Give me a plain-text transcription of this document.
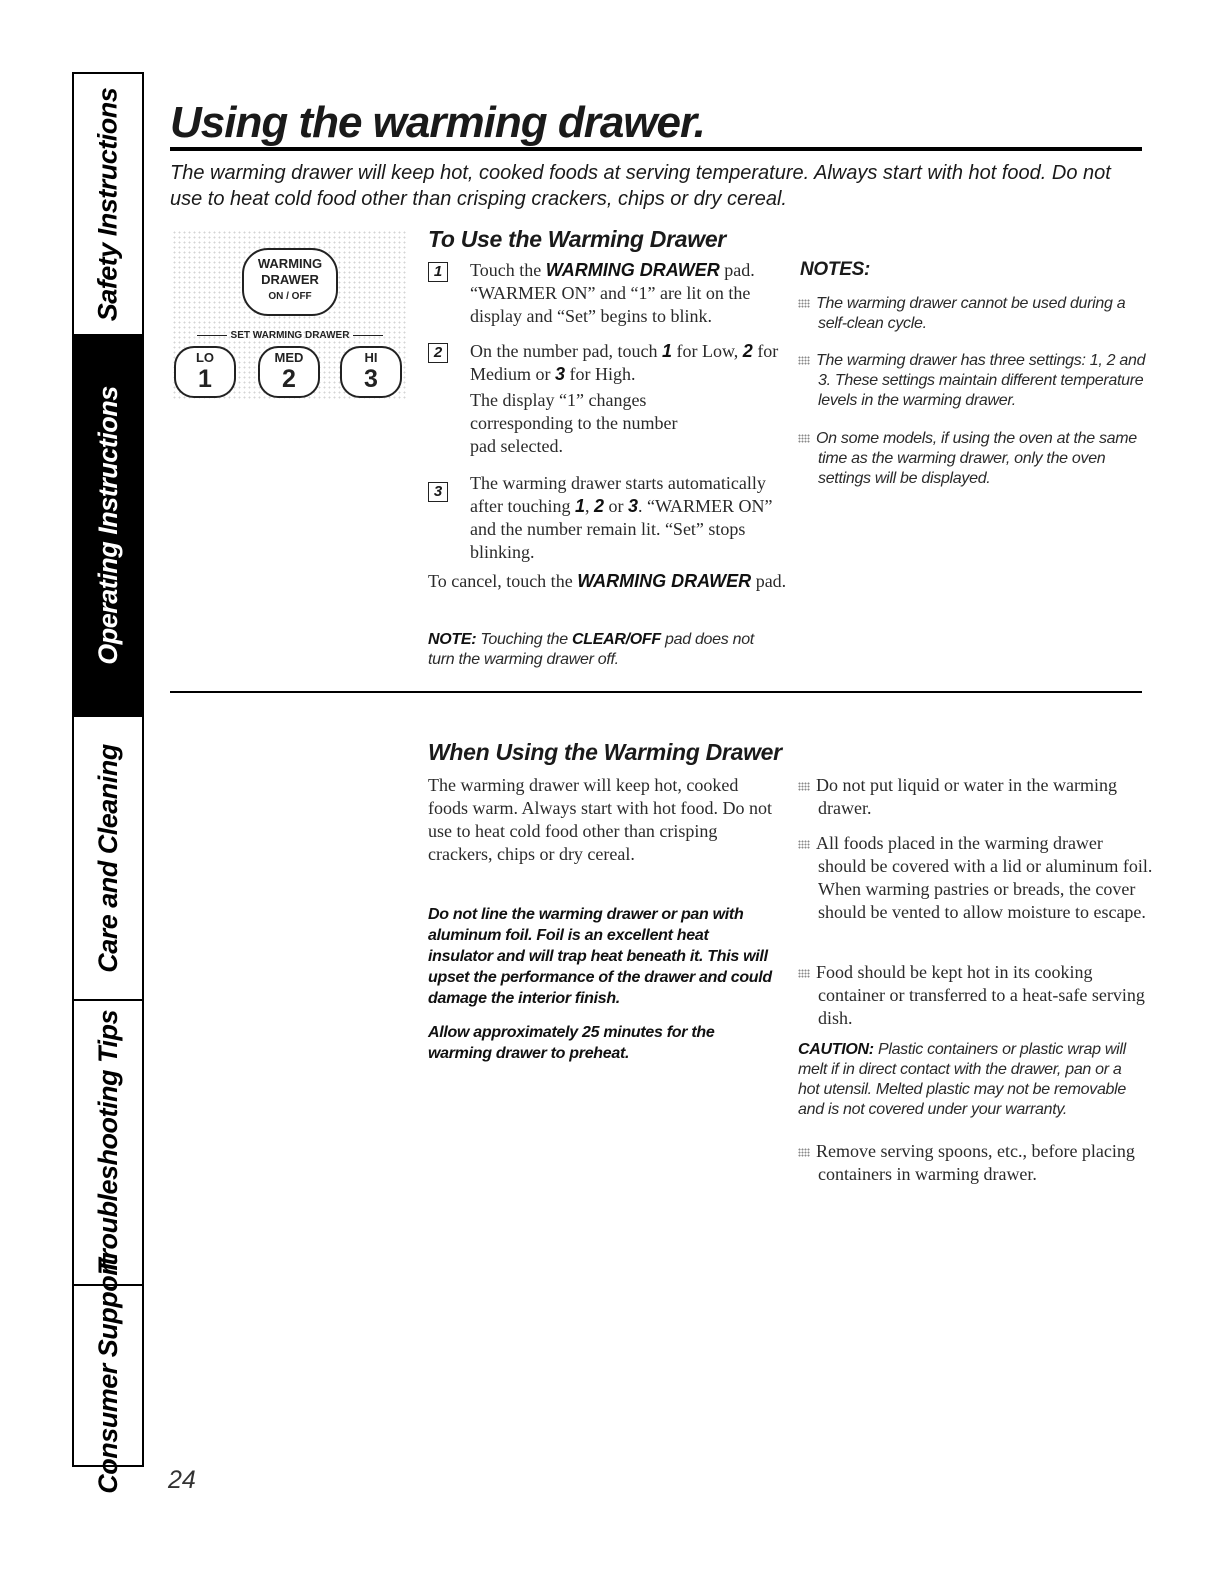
Safety Instructions
Operating Instructions
Care and Cleaning
Troubleshooting Tips
Consumer Support
Using the warming drawer.

The warming drawer will keep hot, cooked foods at serving temperature. Always start with hot food. Do not use to heat cold food other than crisping crackers, chips or dry cereal.

WARMING
DRAWER
ON / OFF
SET WARMING DRAWER
LO
1
MED
2
HI
3
To Use the Warming Drawer
1	Touch the WARMING DRAWER pad. “WARMER ON” and “1” are lit on the display and “Set” begins to blink.

2	On the number pad, touch 1 for Low, 2 for Medium or 3 for High.

The display “1” changes corresponding to the number pad selected.

3	The warming drawer starts automatically after touching 1, 2 or 3. “WARMER ON” and the number remain lit. “Set” stops blinking.

To cancel, touch the WARMING DRAWER pad.

NOTE: Touching the CLEAR/OFF pad does not turn the warming drawer off.

NOTES:

The warming drawer cannot be used during a self-clean cycle.

The warming drawer has three settings: 1, 2 and 3. These settings maintain different temperature levels in the warming drawer.

On some models, if using the oven at the same time as the warming drawer, only the oven settings will be displayed.

When Using the Warming Drawer

The warming drawer will keep hot, cooked foods warm. Always start with hot food. Do not use to heat cold food other than crisping crackers, chips or dry cereal.

Do not line the warming drawer or pan with aluminum foil. Foil is an excellent heat insulator and will trap heat beneath it. This will upset the performance of the drawer and could damage the interior finish.

Allow approximately 25 minutes for the warming drawer to preheat.

Do not put liquid or water in the warming drawer.

All foods placed in the warming drawer should be covered with a lid or aluminum foil. When warming pastries or breads, the cover should be vented to allow moisture to escape.

Food should be kept hot in its cooking container or transferred to a heat-safe serving dish.

CAUTION: Plastic containers or plastic wrap will melt if in direct contact with the drawer, pan or a hot utensil. Melted plastic may not be removable and is not covered under your warranty.

Remove serving spoons, etc., before placing containers in warming drawer.

24
